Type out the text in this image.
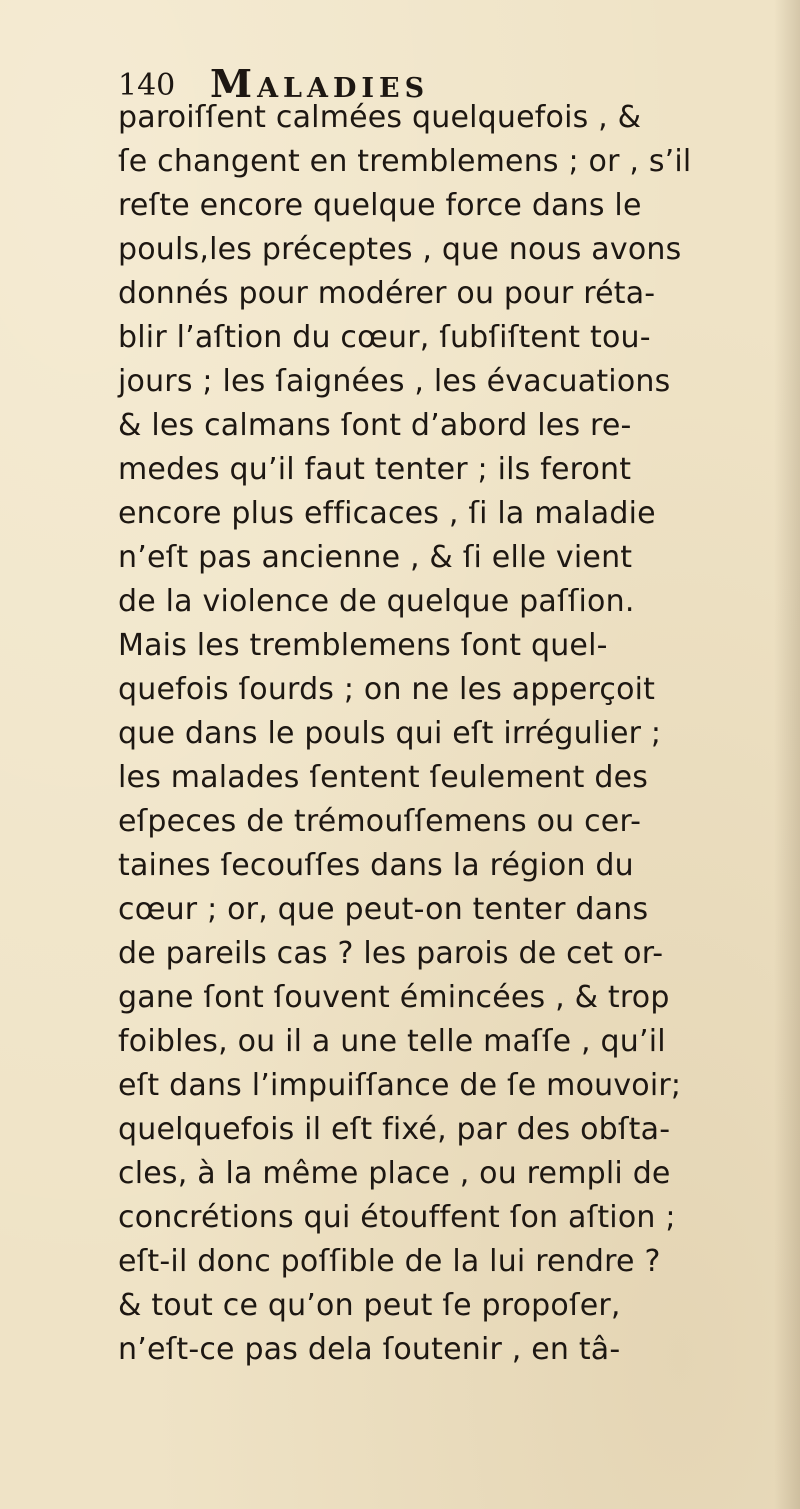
140 Maladies
paroiſſent calmées quelquefois , &
ſe changent en tremblemens ; or , s’il
reſte encore quelque force dans le
pouls,les préceptes , que nous avons
donnés pour modérer ou pour réta-
blir l’aſtion du cœur, ſubſiſtent tou-
jours ; les ſaignées , les évacuations
& les calmans ſont d’abord les re-
medes qu’il faut tenter ; ils feront
encore plus efficaces , ſi la maladie
n’eſt pas ancienne , & ſi elle vient
de la violence de quelque paſſion.
Mais les tremblemens ſont quel-
quefois ſourds ; on ne les apperçoit
que dans le pouls qui eſt irrégulier ;
les malades ſentent ſeulement des
eſpeces de trémouſſemens ou cer-
taines ſecouſſes dans la région du
cœur ; or, que peut-on tenter dans
de pareils cas ? les parois de cet or-
gane ſont ſouvent émincées , & trop
foibles, ou il a une telle maſſe , qu’il
eſt dans l’impuiſſance de ſe mouvoir;
quelquefois il eſt fixé, par des obſta-
cles, à la même place , ou rempli de
concrétions qui étouffent ſon aſtion ;
eſt-il donc poſſible de la lui rendre ?
& tout ce qu’on peut ſe propoſer,
n’eſt-ce pas dela ſoutenir , en tâ-
